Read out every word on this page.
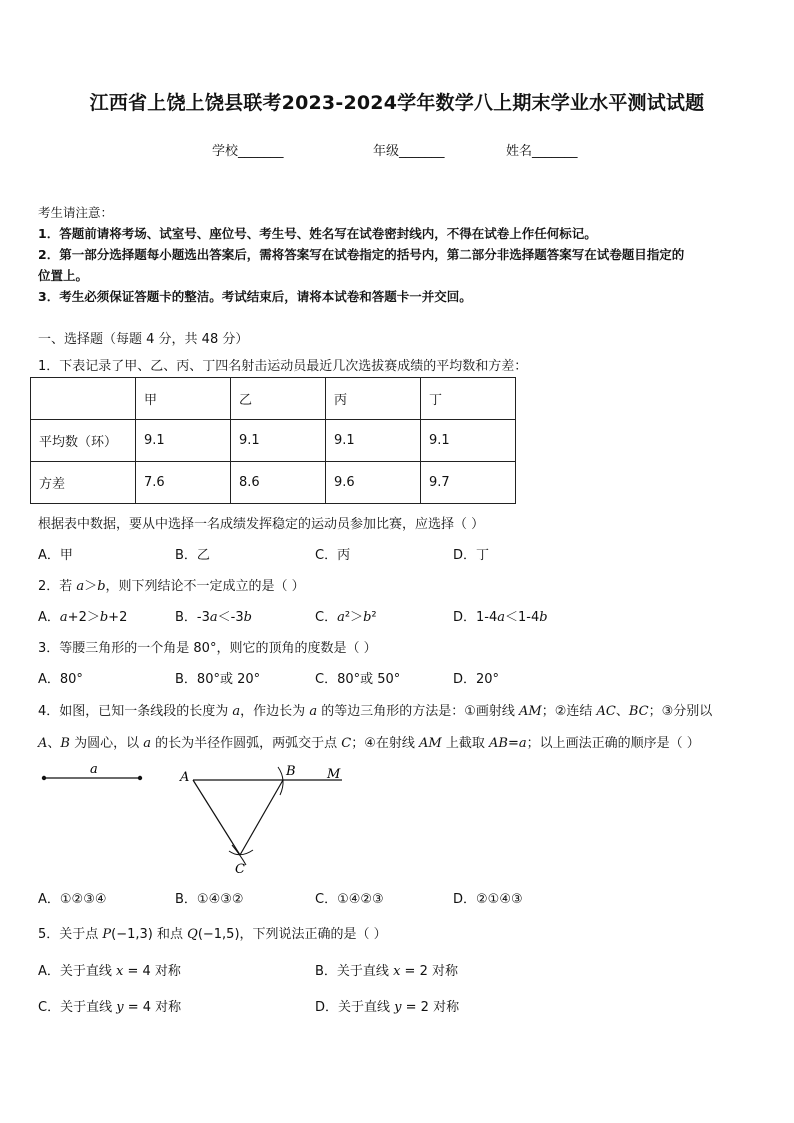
江西省上饶上饶县联考2023-2024学年数学八上期末学业水平测试试题
学校_______	年级_______	姓名_______
考生请注意：
1．答题前请将考场、试室号、座位号、考生号、姓名写在试卷密封线内，不得在试卷上作任何标记。
2．第一部分选择题每小题选出答案后，需将答案写在试卷指定的括号内，第二部分非选择题答案写在试卷题目指定的
位置上。
3．考生必须保证答题卡的整洁。考试结束后，请将本试卷和答题卡一并交回。
一、选择题（每题 4 分，共 48 分）
1．下表记录了甲、乙、丙、丁四名射击运动员最近几次选拔赛成绩的平均数和方差：
	甲	乙	丙	丁
平均数（环）	9.1	9.1	9.1	9.1
方差	7.6	8.6	9.6	9.7
根据表中数据，要从中选择一名成绩发挥稳定的运动员参加比赛，应选择（ ）
A．甲	B．乙	C．丙	D．丁
2．若 a＞b，则下列结论不一定成立的是（ ）
A．a+2＞b+2	B．-3a＜-3b	C．a²＞b²	D．1-4a＜1-4b
3．等腰三角形的一个角是 80°，则它的顶角的度数是（ ）
A．80°	B．80°或 20°	C．80°或 50°	D．20°
4．如图，已知一条线段的长度为 a，作边长为 a 的等边三角形的方法是：①画射线 AM；②连结 AC、BC；③分别以
A、B 为圆心，以 a 的长为半径作圆弧，两弧交于点 C；④在射线 AM 上截取 AB=a；以上画法正确的顺序是（ ）
a
A	B M
C
A．①②③④	B．①④③②	C．①④②③	D．②①④③
5．关于点 P(−1,3) 和点 Q(−1,5)，下列说法正确的是（ ）
A．关于直线 x = 4 对称	B．关于直线 x = 2 对称
C．关于直线 y = 4 对称	D．关于直线 y = 2 对称
